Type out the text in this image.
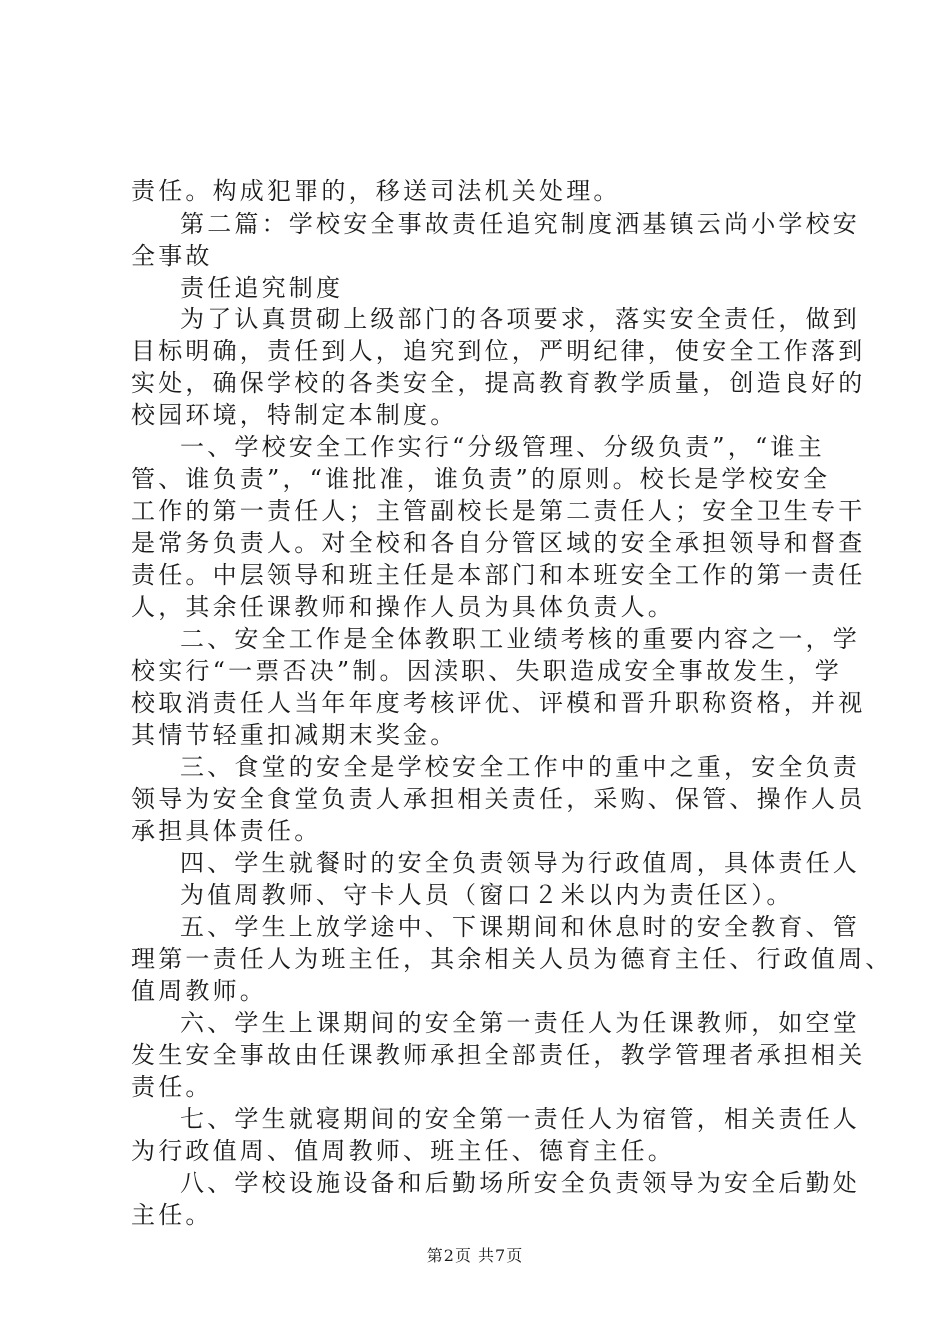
责任。构成犯罪的，移送司法机关处理。
第二篇：学校安全事故责任追究制度洒基镇云尚小学校安
全事故
责任追究制度
为了认真贯砌上级部门的各项要求，落实安全责任，做到
目标明确，责任到人，追究到位，严明纪律，使安全工作落到
实处，确保学校的各类安全，提高教育教学质量，创造良好的
校园环境，特制定本制度。
一、学校安全工作实行“分级管理、分级负责”，“谁主
管、谁负责”，“谁批准，谁负责”的原则。校长是学校安全
工作的第一责任人；主管副校长是第二责任人；安全卫生专干
是常务负责人。对全校和各自分管区域的安全承担领导和督查
责任。中层领导和班主任是本部门和本班安全工作的第一责任
人，其余任课教师和操作人员为具体负责人。
二、安全工作是全体教职工业绩考核的重要内容之一，学
校实行“一票否决”制。因渎职、失职造成安全事故发生，学
校取消责任人当年年度考核评优、评模和晋升职称资格，并视
其情节轻重扣减期末奖金。
三、食堂的安全是学校安全工作中的重中之重，安全负责
领导为安全食堂负责人承担相关责任，采购、保管、操作人员
承担具体责任。
四、学生就餐时的安全负责领导为行政值周，具体责任人
为值周教师、守卡人员（窗口２米以内为责任区）。
五、学生上放学途中、下课期间和休息时的安全教育、管
理第一责任人为班主任，其余相关人员为德育主任、行政值周、
值周教师。
六、学生上课期间的安全第一责任人为任课教师，如空堂
发生安全事故由任课教师承担全部责任，教学管理者承担相关
责任。
七、学生就寝期间的安全第一责任人为宿管，相关责任人
为行政值周、值周教师、班主任、德育主任。
八、学校设施设备和后勤场所安全负责领导为安全后勤处
主任。
第2页 共7页
